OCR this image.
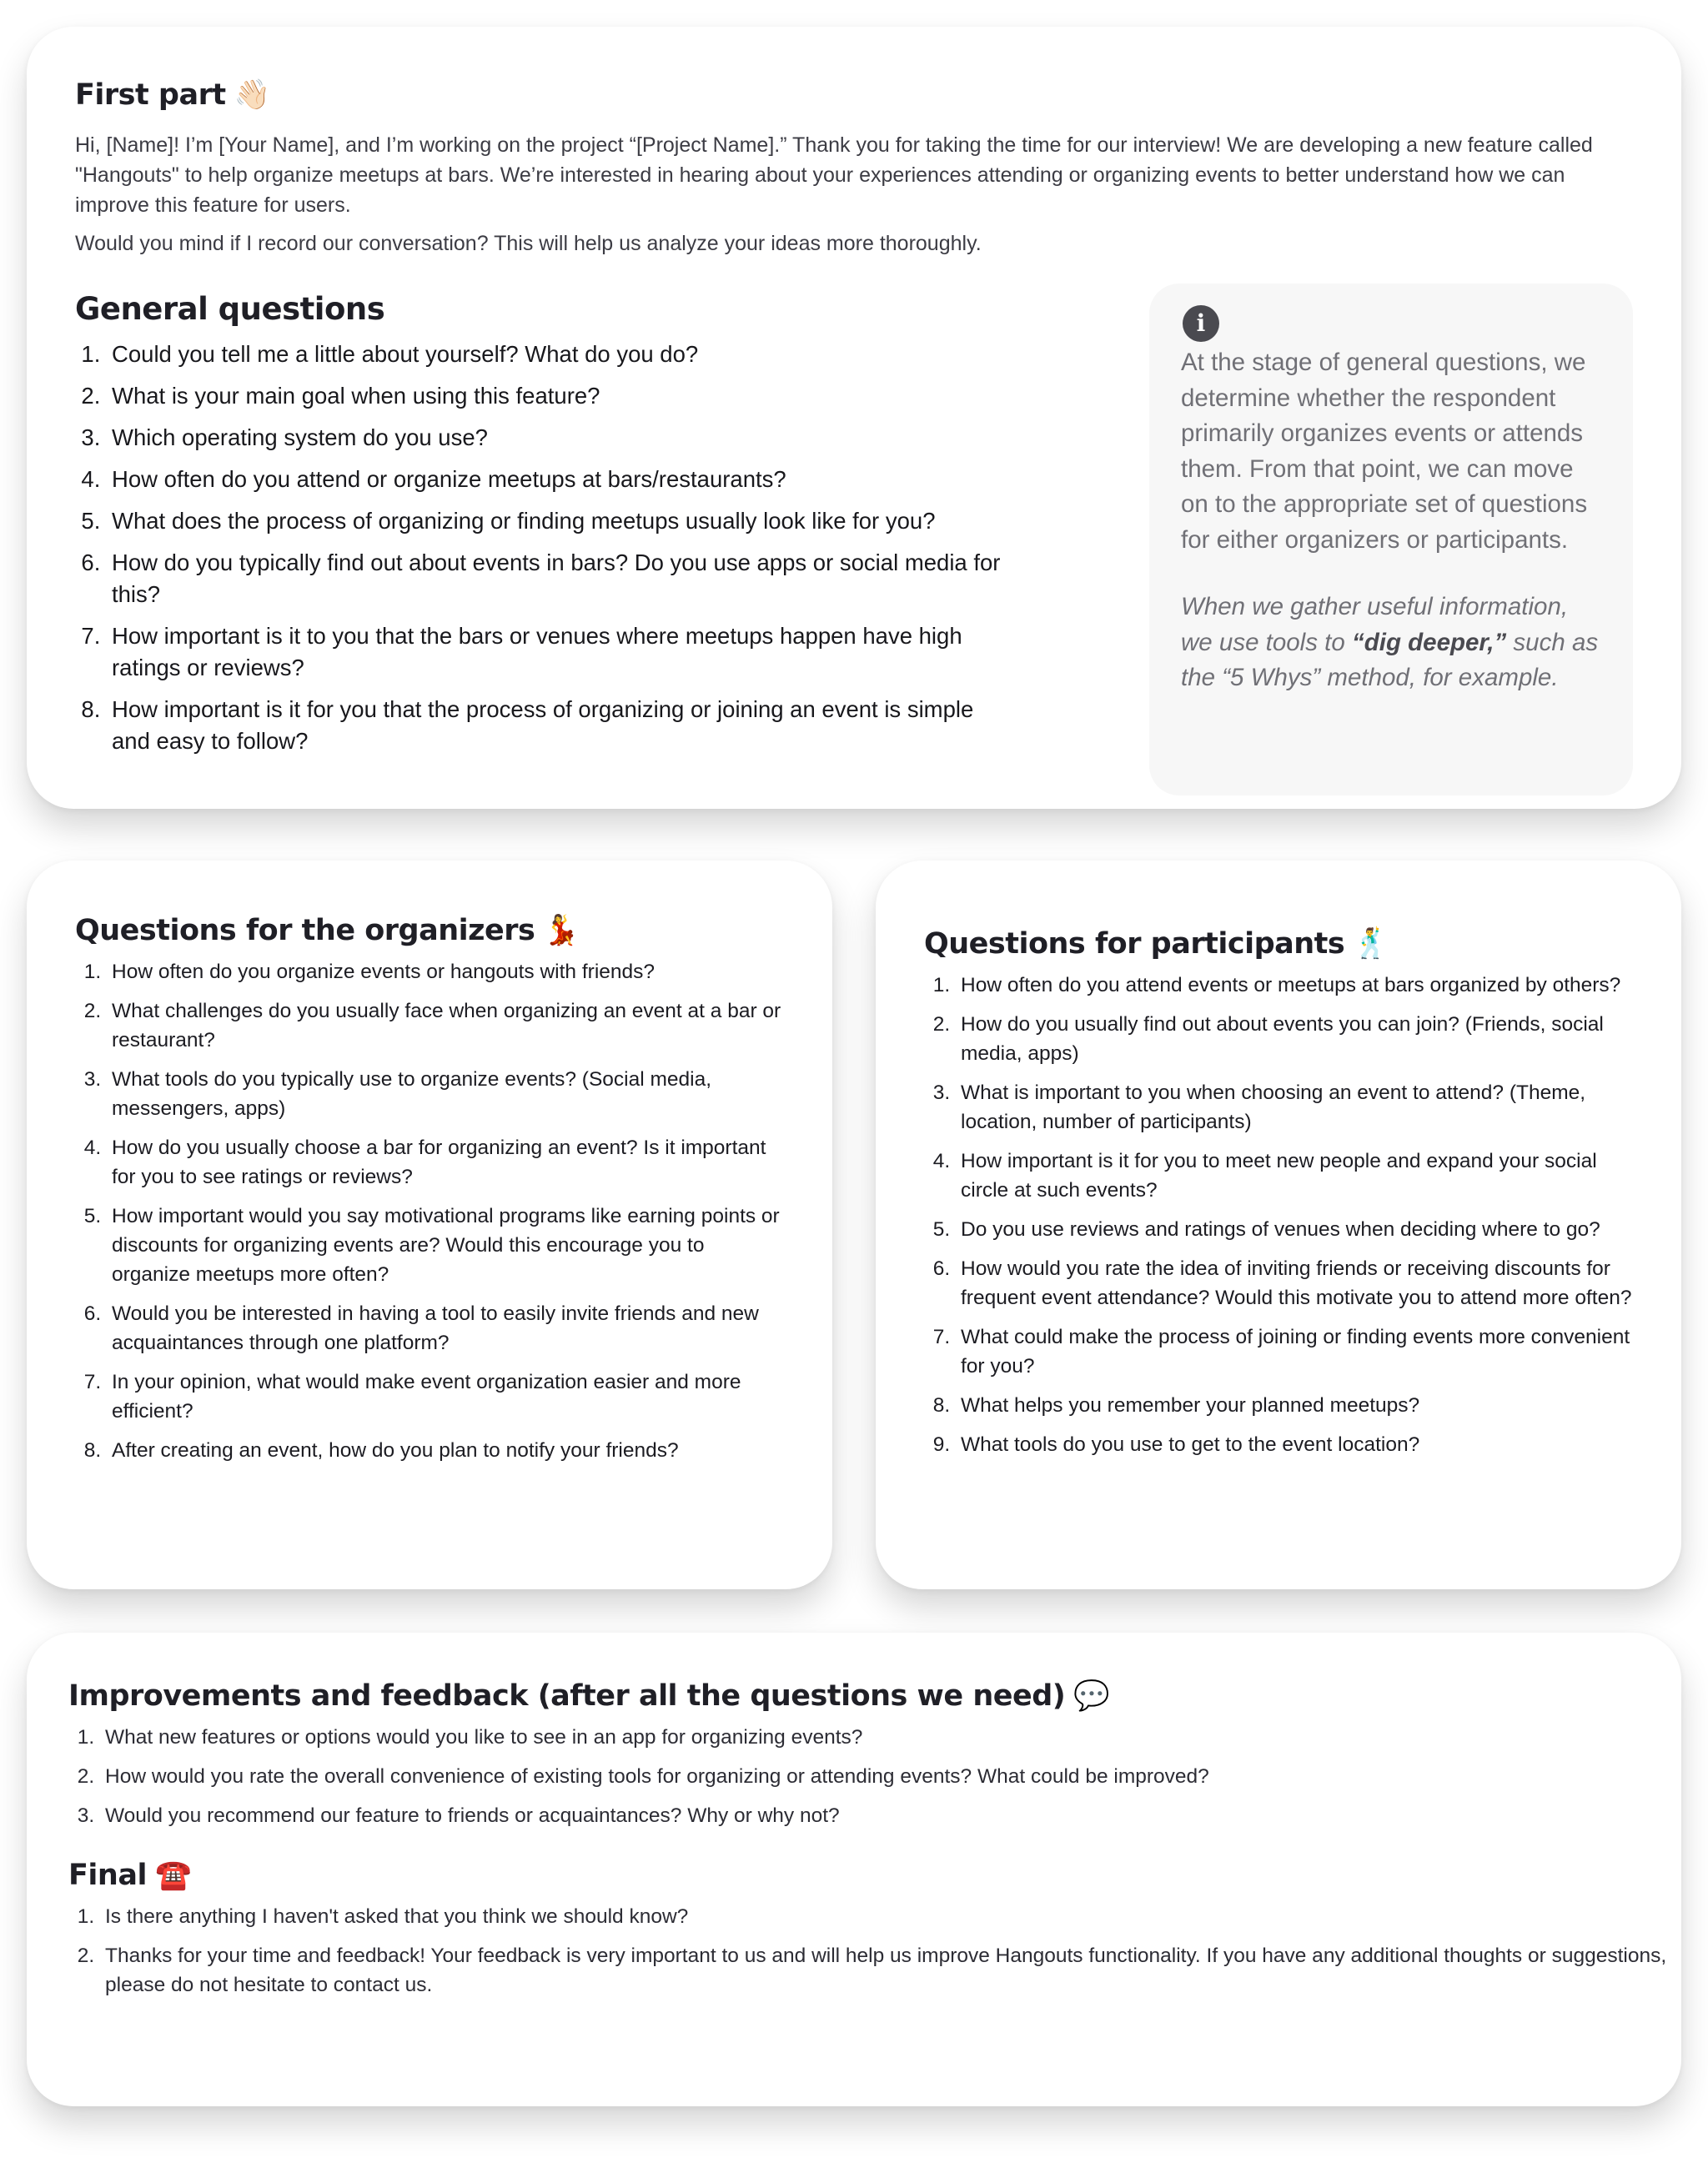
First part 👋🏻

Hi, [Name]! I’m [Your Name], and I’m working on the project “[Project Name].” Thank you for taking the time for our interview! We are developing a new feature called "Hangouts" to help organize meetups at bars. We’re interested in hearing about your experiences attending or organizing events to better understand how we can improve this feature for users.

Would you mind if I record our conversation? This will help us analyze your ideas more thoroughly.

General questions
1. Could you tell me a little about yourself? What do you do?
2. What is your main goal when using this feature?
3. Which operating system do you use?
4. How often do you attend or organize meetups at bars/restaurants?
5. What does the process of organizing or finding meetups usually look like for you?
6. How do you typically find out about events in bars? Do you use apps or social media for this?
7. How important is it to you that the bars or venues where meetups happen have high ratings or reviews?
8. How important is it for you that the process of organizing or joining an event is simple and easy to follow?
i

At the stage of general questions, we determine whether the respondent primarily organizes events or attends them. From that point, we can move on to the appropriate set of questions for either organizers or participants.

When we gather useful information, we use tools to “dig deeper,” such as the “5 Whys” method, for example.

Questions for the organizers 💃
1. How often do you organize events or hangouts with friends?
2. What challenges do you usually face when organizing an event at a bar or restaurant?
3. What tools do you typically use to organize events? (Social media, messengers, apps)
4. How do you usually choose a bar for organizing an event? Is it important for you to see ratings or reviews?
5. How important would you say motivational programs like earning points or discounts for organizing events are? Would this encourage you to organize meetups more often?
6. Would you be interested in having a tool to easily invite friends and new acquaintances through one platform?
7. In your opinion, what would make event organization easier and more efficient?
8. After creating an event, how do you plan to notify your friends?
Questions for participants 🕺
1. How often do you attend events or meetups at bars organized by others?
2. How do you usually find out about events you can join? (Friends, social media, apps)
3. What is important to you when choosing an event to attend? (Theme, location, number of participants)
4. How important is it for you to meet new people and expand your social circle at such events?
5. Do you use reviews and ratings of venues when deciding where to go?
6. How would you rate the idea of inviting friends or receiving discounts for frequent event attendance? Would this motivate you to attend more often?
7. What could make the process of joining or finding events more convenient for you?
8. What helps you remember your planned meetups?
9. What tools do you use to get to the event location?
Improvements and feedback (after all the questions we need) 💬
1. What new features or options would you like to see in an app for organizing events?
2. How would you rate the overall convenience of existing tools for organizing or attending events? What could be improved?
3. Would you recommend our feature to friends or acquaintances? Why or why not?
Final ☎️
1. Is there anything I haven't asked that you think we should know?
2. Thanks for your time and feedback! Your feedback is very important to us and will help us improve Hangouts functionality. If you have any additional thoughts or suggestions, please do not hesitate to contact us.
